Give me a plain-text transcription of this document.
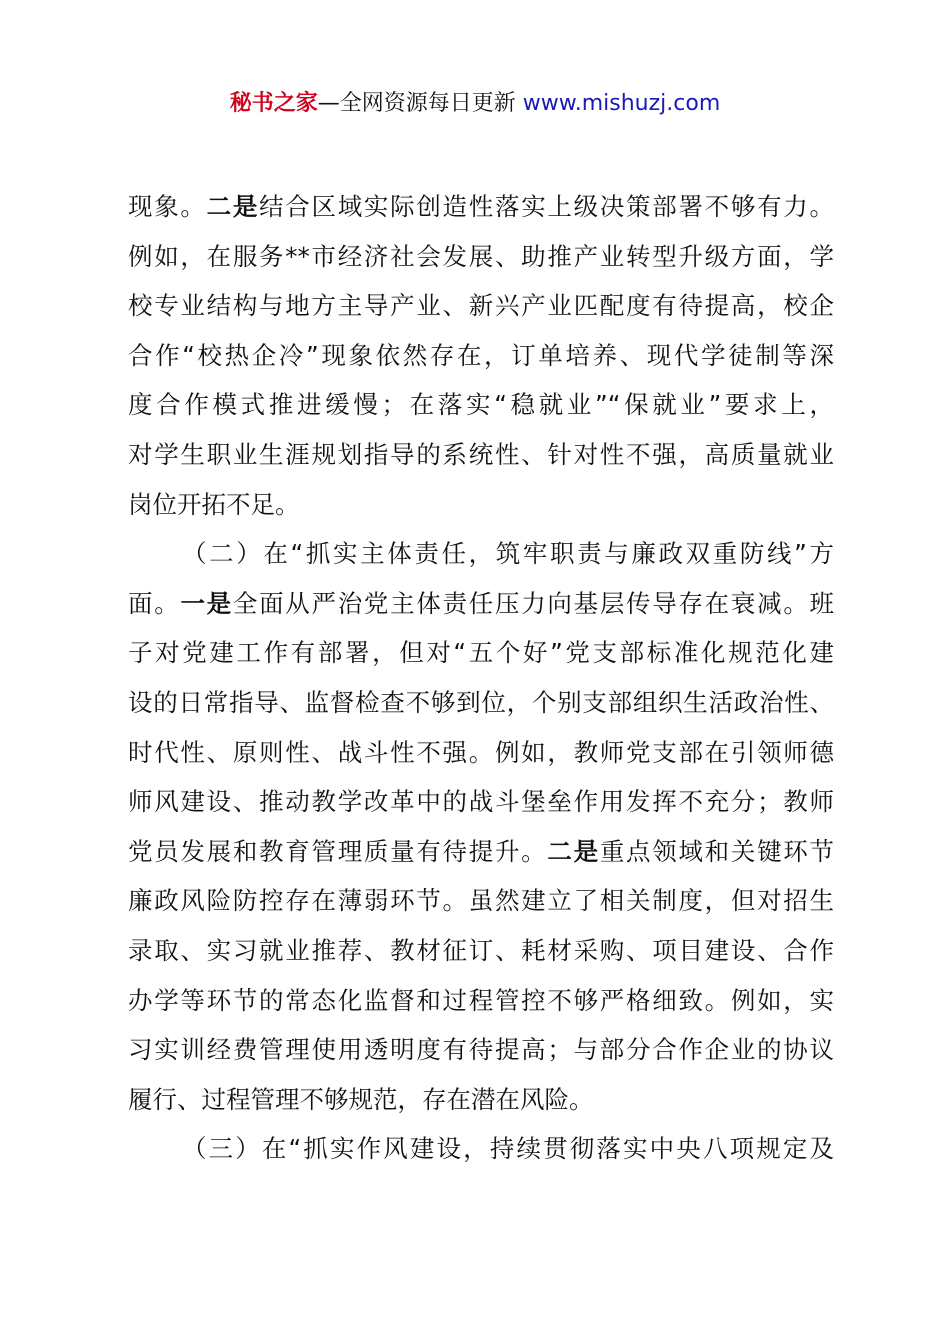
秘书之家—全网资源每日更新 www.mishuzj.com
现象。二是结合区域实际创造性落实上级决策部署不够有力。
例如，在服务**市经济社会发展、助推产业转型升级方面，学
校专业结构与地方主导产业、新兴产业匹配度有待提高，校企
合作“校热企冷”现象依然存在，订单培养、现代学徒制等深
度合作模式推进缓慢；在落实“稳就业”“保就业”要求上，
对学生职业生涯规划指导的系统性、针对性不强，高质量就业
岗位开拓不足。
（二）在“抓实主体责任，筑牢职责与廉政双重防线”方
面。一是全面从严治党主体责任压力向基层传导存在衰减。班
子对党建工作有部署，但对“五个好”党支部标准化规范化建
设的日常指导、监督检查不够到位，个别支部组织生活政治性、
时代性、原则性、战斗性不强。例如，教师党支部在引领师德
师风建设、推动教学改革中的战斗堡垒作用发挥不充分；教师
党员发展和教育管理质量有待提升。二是重点领域和关键环节
廉政风险防控存在薄弱环节。虽然建立了相关制度，但对招生
录取、实习就业推荐、教材征订、耗材采购、项目建设、合作
办学等环节的常态化监督和过程管控不够严格细致。例如，实
习实训经费管理使用透明度有待提高；与部分合作企业的协议
履行、过程管理不够规范，存在潜在风险。
（三）在“抓实作风建设，持续贯彻落实中央八项规定及
